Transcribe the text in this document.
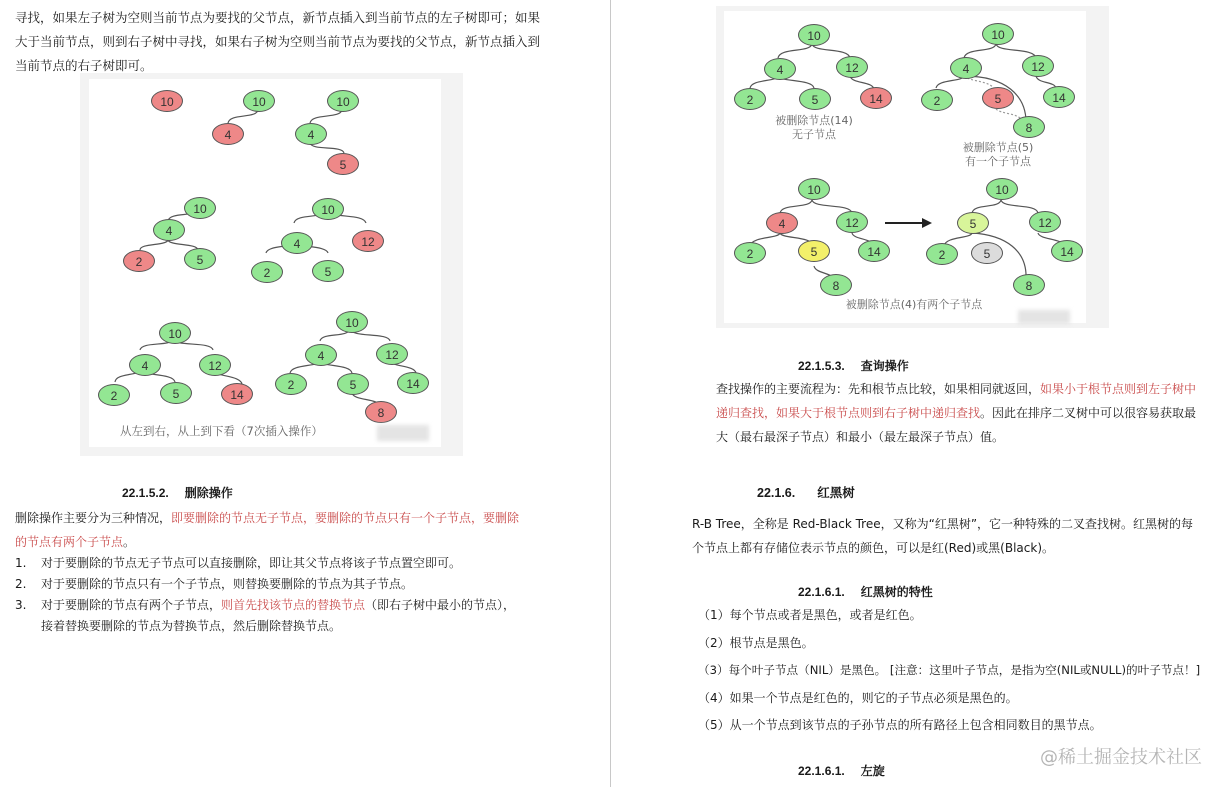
寻找，如果左子树为空则当前节点为要找的父节点，新节点插入到当前节点的左子树即可；如果
大于当前节点，则到右子树中寻找，如果右子树为空则当前节点为要找的父节点，新节点插入到
当前节点的右子树即可。
10	10
4
10
4
5
10
4
2	5
10
4	12
2	5
10
4	12
2	5	14
10
4	12
2	5	14
8
从左到右，从上到下看（7次插入操作）
22.1.5.2. 删除操作
删除操作主要分为三种情况，即要删除的节点无子节点，要删除的节点只有一个子节点，要删除
的节点有两个子节点。
1. 对于要删除的节点无子节点可以直接删除，即让其父节点将该子节点置空即可。
2. 对于要删除的节点只有一个子节点，则替换要删除的节点为其子节点。
3. 对于要删除的节点有两个子节点，则首先找该节点的替换节点（即右子树中最小的节点），
接着替换要删除的节点为替换节点，然后删除替换节点。
10
4	12
2	5	14
被删除节点(14)
无子节点
10
4	12
2	5	14
8
被删除节点(5)
有一个子节点
10
4	12
2	5	14
8
10
5	12
2	5	14
8
被删除节点(4)有两个子节点
22.1.5.3. 查询操作
查找操作的主要流程为：先和根节点比较，如果相同就返回，如果小于根节点则到左子树中
递归查找，如果大于根节点则到右子树中递归查找。因此在排序二叉树中可以很容易获取最
大（最右最深子节点）和最小（最左最深子节点）值。
22.1.6. 红黑树
R-B Tree，全称是 Red-Black Tree，又称为“红黑树”，它一种特殊的二叉查找树。红黑树的每
个节点上都有存储位表示节点的颜色，可以是红(Red)或黑(Black)。
22.1.6.1. 红黑树的特性
（1）每个节点或者是黑色，或者是红色。
（2）根节点是黑色。
（3）每个叶子节点（NIL）是黑色。 [注意：这里叶子节点，是指为空(NIL或NULL)的叶子节点！]
（4）如果一个节点是红色的，则它的子节点必须是黑色的。
（5）从一个节点到该节点的子孙节点的所有路径上包含相同数目的黑节点。
@稀土掘金技术社区
22.1.6.1. 左旋
